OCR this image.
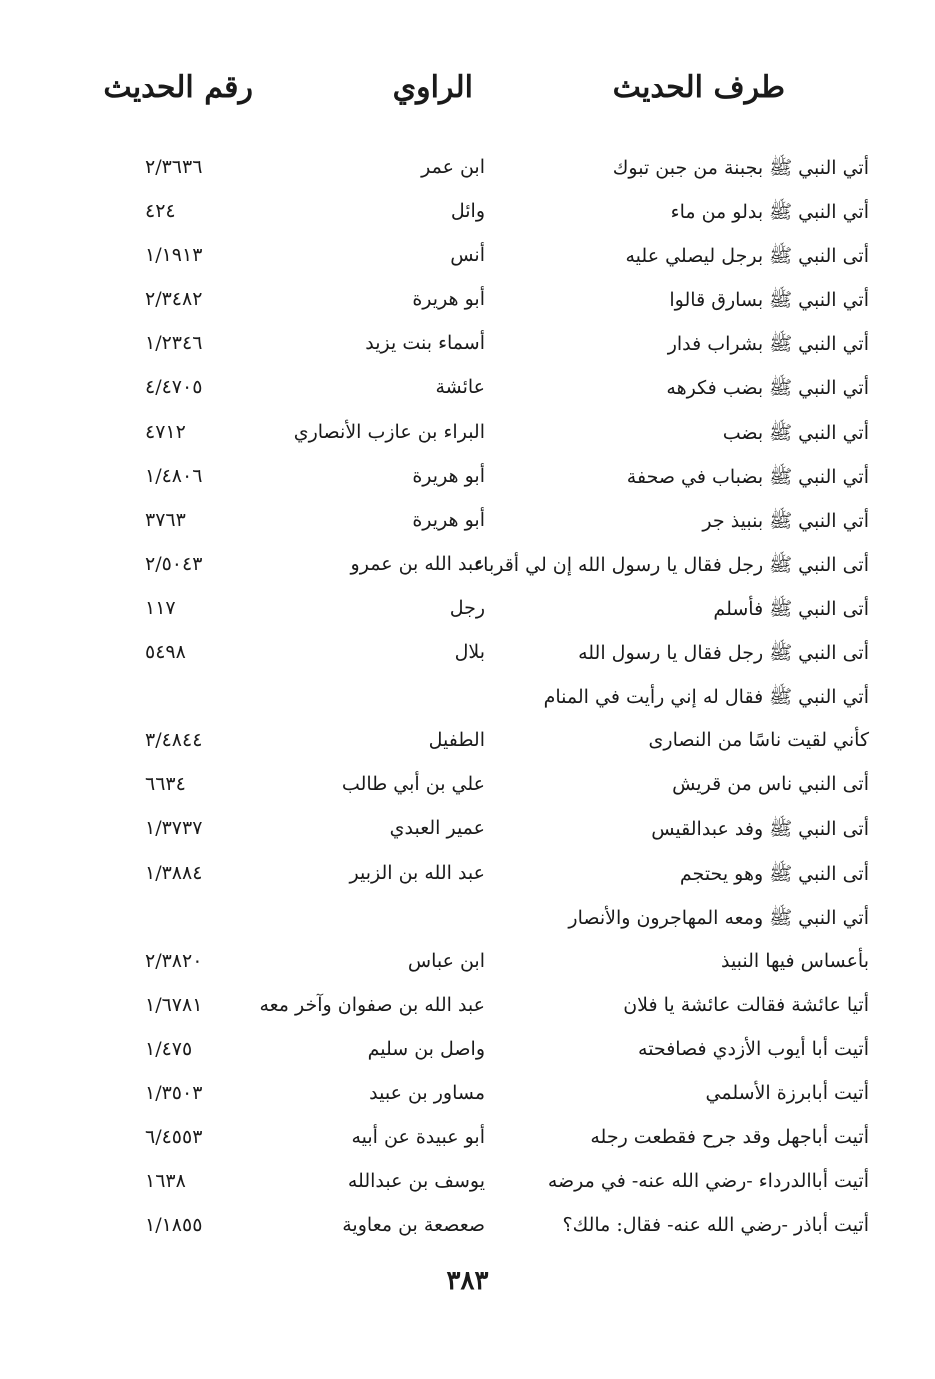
طرف الحديث
الراوي
رقم الحديث
أتي النبي ﷺ بجبنة من جبن تبوك
ابن عمر
٢/٣٦٣٦
أتي النبي ﷺ بدلو من ماء
وائل
٤٢٤
أتى النبي ﷺ برجل ليصلي عليه
أنس
١/١٩١٣
أتي النبي ﷺ بسارق قالوا
أبو هريرة
٢/٣٤٨٢
أتي النبي ﷺ بشراب فدار
أسماء بنت يزيد
١/٢٣٤٦
أتي النبي ﷺ بضب فكرهه
عائشة
٤/٤٧٠٥
أتي النبي ﷺ بضب
البراء بن عازب الأنصاري
٤٧١٢
أتي النبي ﷺ بضباب في صحفة
أبو هريرة
١/٤٨٠٦
أتي النبي ﷺ بنبيذ جر
أبو هريرة
٣٧٦٣
أتى النبي ﷺ رجل فقال يا رسول الله إن لي أقرباء
عبد الله بن عمرو
٢/٥٠٤٣
أتى النبي ﷺ فأسلم
رجل
١١٧
أتى النبي ﷺ رجل فقال يا رسول الله
بلال
٥٤٩٨
أتي النبي ﷺ فقال له إني رأيت في المنام
كأني لقيت ناسًا من النصارى
الطفيل
٣/٤٨٤٤
أتى النبي ناس من قريش
علي بن أبي طالب
٦٦٣٤
أتى النبي ﷺ وفد عبدالقيس
عمير العبدي
١/٣٧٣٧
أتى النبي ﷺ وهو يحتجم
عبد الله بن الزبير
١/٣٨٨٤
أتي النبي ﷺ ومعه المهاجرون والأنصار
بأعساس فيها النبيذ
ابن عباس
٢/٣٨٢٠
أتيا عائشة فقالت عائشة يا فلان
عبد الله بن صفوان وآخر معه
١/٦٧٨١
أتيت أبا أيوب الأزدي فصافحته
واصل بن سليم
١/٤٧٥
أتيت أبابرزة الأسلمي
مساور بن عبيد
١/٣٥٠٣
أتيت أباجهل وقد جرح فقطعت رجله
أبو عبيدة عن أبيه
٦/٤٥٥٣
أتيت أباالدرداء -رضي الله عنه- في مرضه
يوسف بن عبدالله
١٦٣٨
أتيت أباذر -رضي الله عنه- فقال: مالك؟
صعصعة بن معاوية
١/١٨٥٥
٣٨٣
